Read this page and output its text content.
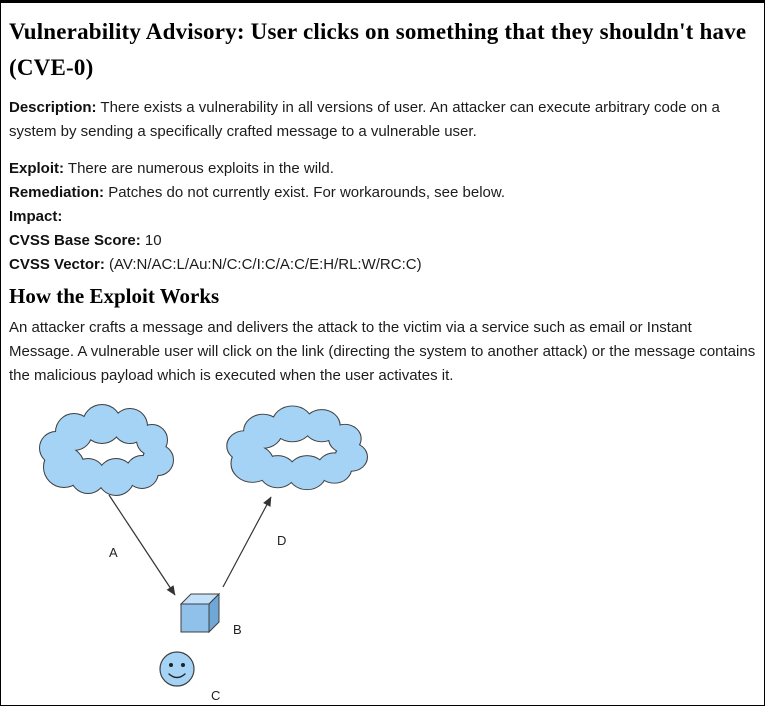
Vulnerability Advisory: User clicks on something that they shouldn't have (CVE-0)

Description: There exists a vulnerability in all versions of user. An attacker can execute arbitrary code on a system by sending a specifically crafted message to a vulnerable user.

Exploit: There are numerous exploits in the wild.
Remediation: Patches do not currently exist. For workarounds, see below.
Impact:
CVSS Base Score: 10
CVSS Vector: (AV:N/AC:L/Au:N/C:C/I:C/A:C/E:H/RL:W/RC:C)
How the Exploit Works

An attacker crafts a message and delivers the attack to the victim via a service such as email or Instant Message. A vulnerable user will click on the link (directing the system to another attack) or the message contains the malicious payload which is executed when the user activates it.

A
D
B
C
